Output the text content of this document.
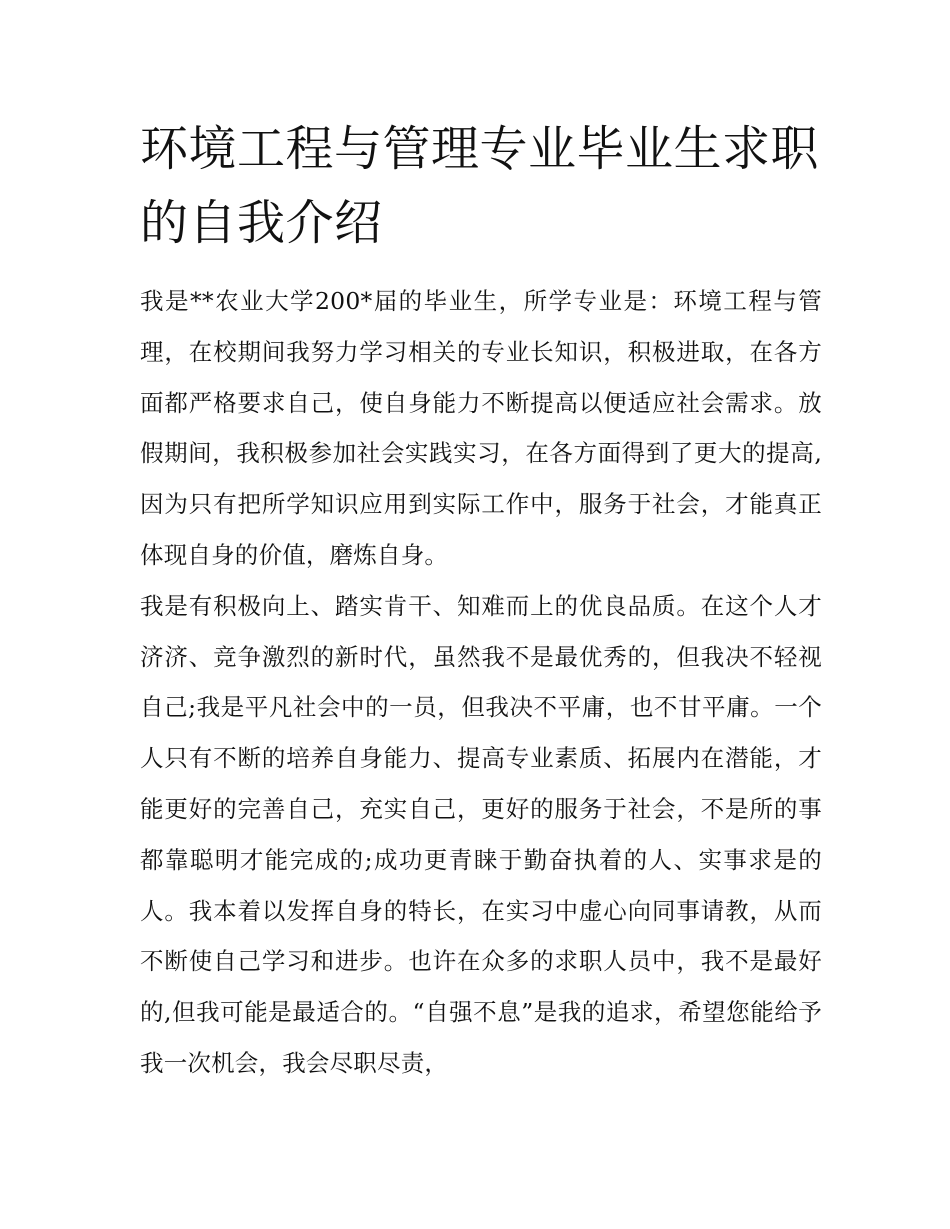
环境工程与管理专业毕业生求职的自我介绍

我是**农业大学200*届的毕业生，所学专业是：环境工程与管理，在校期间我努力学习相关的专业长知识，积极进取，在各方面都严格要求自己，使自身能力不断提高以便适应社会需求。放假期间，我积极参加社会实践实习，在各方面得到了更大的提高,因为只有把所学知识应用到实际工作中，服务于社会，才能真正体现自身的价值，磨炼自身。

我是有积极向上、踏实肯干、知难而上的优良品质。在这个人才济济、竞争激烈的新时代，虽然我不是最优秀的，但我决不轻视自己;我是平凡社会中的一员，但我决不平庸，也不甘平庸。一个人只有不断的培养自身能力、提高专业素质、拓展内在潜能，才能更好的完善自己，充实自己，更好的服务于社会，不是所的事都靠聪明才能完成的;成功更青睐于勤奋执着的人、实事求是的人。我本着以发挥自身的特长，在实习中虚心向同事请教，从而不断使自己学习和进步。也许在众多的求职人员中，我不是最好的,但我可能是最适合的。“自强不息”是我的追求，希望您能给予我一次机会，我会尽职尽责，
